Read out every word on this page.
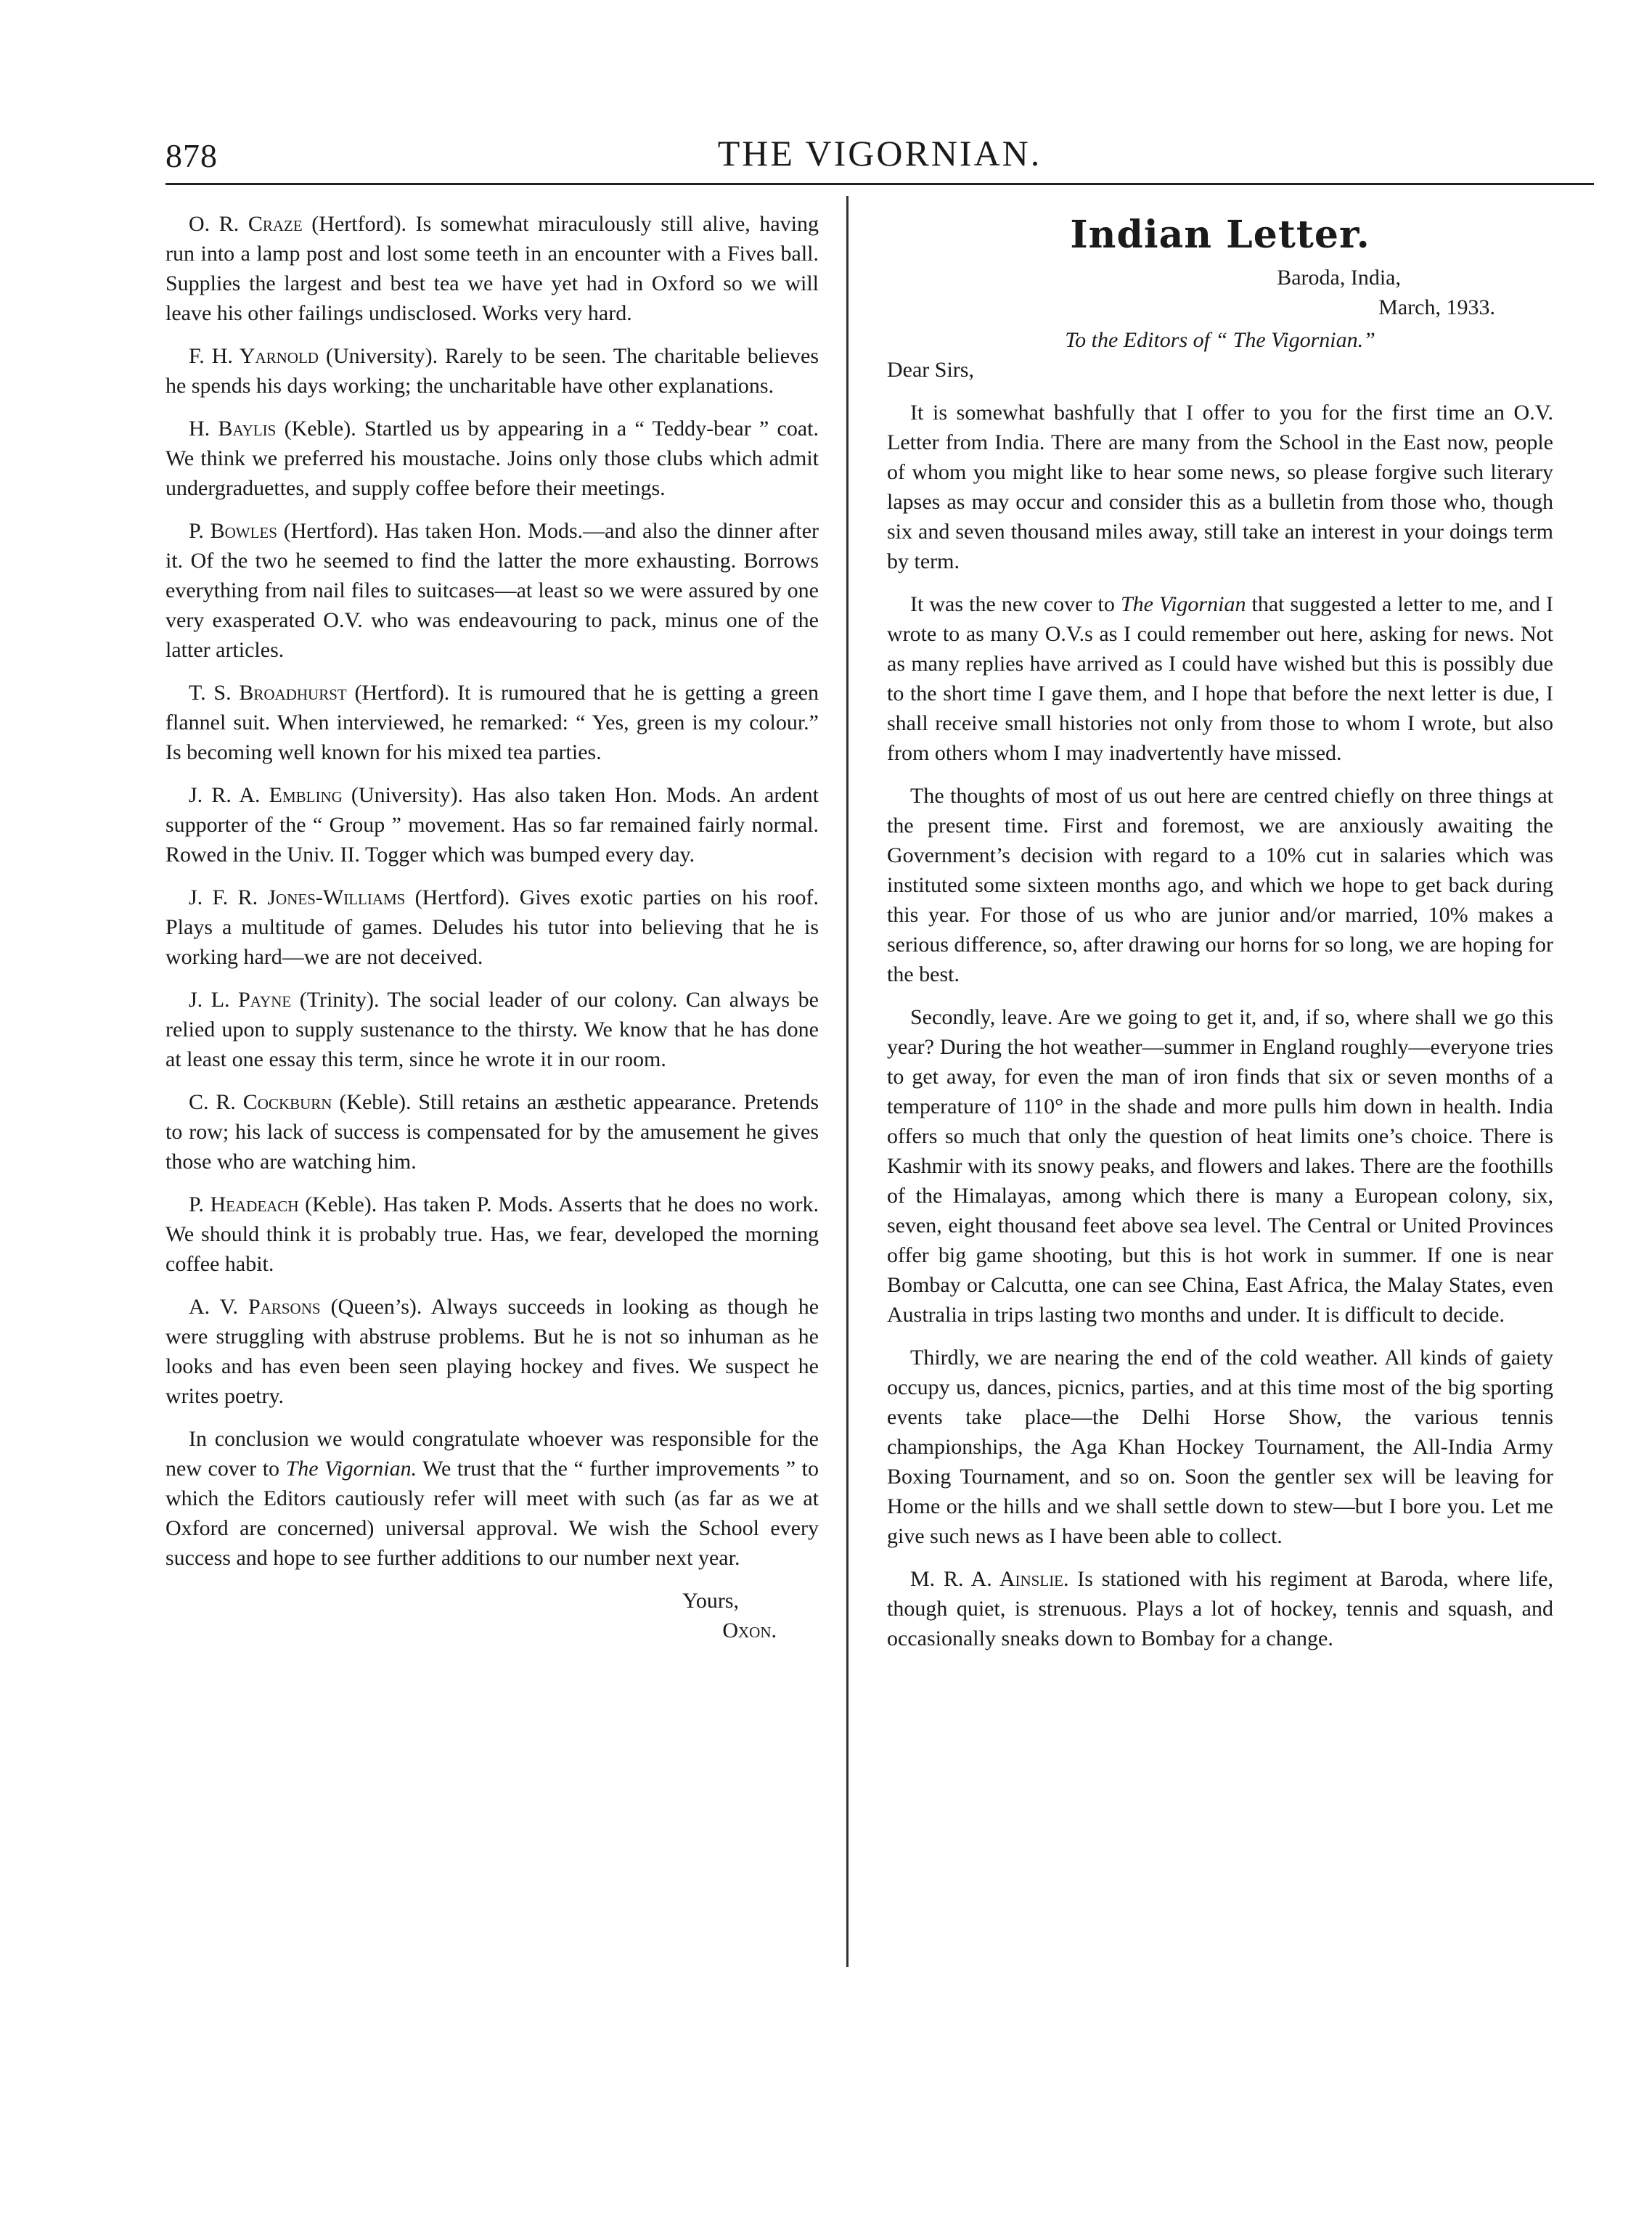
878	THE VIGORNIAN.

O. R. Craze (Hertford). Is somewhat miraculously still alive, having run into a lamp post and lost some teeth in an encounter with a Fives ball. Supplies the largest and best tea we have yet had in Oxford so we will leave his other failings undisclosed. Works very hard.

F. H. Yarnold (University). Rarely to be seen. The charitable believes he spends his days working; the uncharitable have other explanations.

H. Baylis (Keble). Startled us by appearing in a “ Teddy-bear ” coat. We think we preferred his moustache. Joins only those clubs which admit undergraduettes, and supply coffee before their meetings.

P. Bowles (Hertford). Has taken Hon. Mods.—and also the dinner after it. Of the two he seemed to find the latter the more exhausting. Borrows everything from nail files to suitcases—at least so we were assured by one very exasperated O.V. who was endeavouring to pack, minus one of the latter articles.

T. S. Broadhurst (Hertford). It is rumoured that he is getting a green flannel suit. When interviewed, he remarked: “ Yes, green is my colour.” Is becoming well known for his mixed tea parties.

J. R. A. Embling (University). Has also taken Hon. Mods. An ardent supporter of the “ Group ” movement. Has so far remained fairly normal. Rowed in the Univ. II. Togger which was bumped every day.

J. F. R. Jones-Williams (Hertford). Gives exotic parties on his roof. Plays a multitude of games. Deludes his tutor into believing that he is working hard—we are not deceived.

J. L. Payne (Trinity). The social leader of our colony. Can always be relied upon to supply sustenance to the thirsty. We know that he has done at least one essay this term, since he wrote it in our room.

C. R. Cockburn (Keble). Still retains an æsthetic appearance. Pretends to row; his lack of success is compensated for by the amusement he gives those who are watching him.

P. Headeach (Keble). Has taken P. Mods. Asserts that he does no work. We should think it is probably true. Has, we fear, developed the morning coffee habit.

A. V. Parsons (Queen’s). Always succeeds in looking as though he were struggling with abstruse problems. But he is not so inhuman as he looks and has even been seen playing hockey and fives. We suspect he writes poetry.

In conclusion we would congratulate whoever was responsible for the new cover to The Vigornian. We trust that the “ further improvements ” to which the Editors cautiously refer will meet with such (as far as we at Oxford are concerned) universal approval. We wish the School every success and hope to see further additions to our number next year.

Yours,
Oxon.
Indian Letter.
Baroda, India,
March, 1933.
To the Editors of “ The Vigornian.”

Dear Sirs,

It is somewhat bashfully that I offer to you for the first time an O.V. Letter from India. There are many from the School in the East now, people of whom you might like to hear some news, so please forgive such literary lapses as may occur and consider this as a bulletin from those who, though six and seven thousand miles away, still take an interest in your doings term by term.

It was the new cover to The Vigornian that suggested a letter to me, and I wrote to as many O.V.s as I could remember out here, asking for news. Not as many replies have arrived as I could have wished but this is possibly due to the short time I gave them, and I hope that before the next letter is due, I shall receive small histories not only from those to whom I wrote, but also from others whom I may inadvertently have missed.

The thoughts of most of us out here are centred chiefly on three things at the present time. First and foremost, we are anxiously awaiting the Government’s decision with regard to a 10% cut in salaries which was instituted some sixteen months ago, and which we hope to get back during this year. For those of us who are junior and/or married, 10% makes a serious difference, so, after drawing our horns for so long, we are hoping for the best.

Secondly, leave. Are we going to get it, and, if so, where shall we go this year? During the hot weather—summer in England roughly—everyone tries to get away, for even the man of iron finds that six or seven months of a temperature of 110° in the shade and more pulls him down in health. India offers so much that only the question of heat limits one’s choice. There is Kashmir with its snowy peaks, and flowers and lakes. There are the foothills of the Himalayas, among which there is many a European colony, six, seven, eight thousand feet above sea level. The Central or United Provinces offer big game shooting, but this is hot work in summer. If one is near Bombay or Calcutta, one can see China, East Africa, the Malay States, even Australia in trips lasting two months and under. It is difficult to decide.

Thirdly, we are nearing the end of the cold weather. All kinds of gaiety occupy us, dances, picnics, parties, and at this time most of the big sporting events take place—the Delhi Horse Show, the various tennis championships, the Aga Khan Hockey Tournament, the All-India Army Boxing Tournament, and so on. Soon the gentler sex will be leaving for Home or the hills and we shall settle down to stew—but I bore you. Let me give such news as I have been able to collect.

M. R. A. Ainslie. Is stationed with his regiment at Baroda, where life, though quiet, is strenuous. Plays a lot of hockey, tennis and squash, and occasionally sneaks down to Bombay for a change.
